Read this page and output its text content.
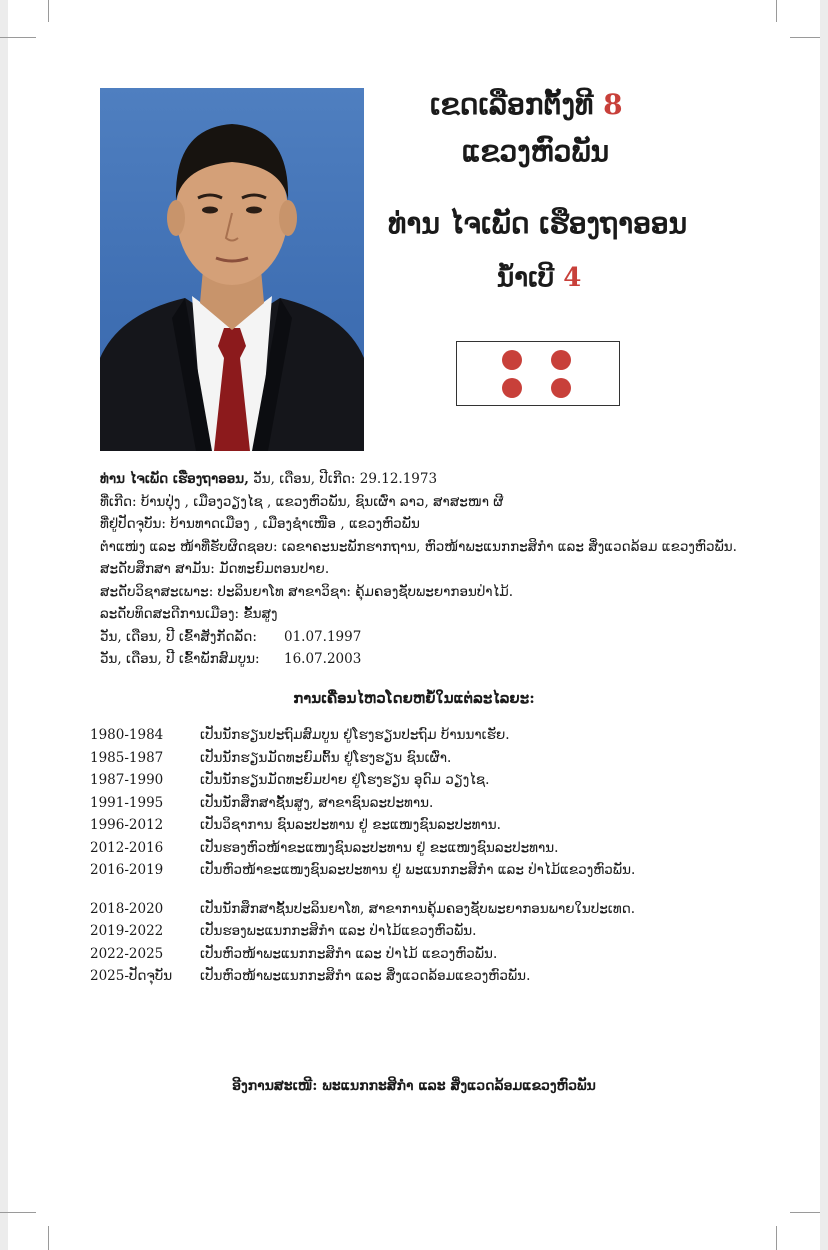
ເຂດເລືອກຕັ້ງທີ 8
ແຂວງຫົວພັນ
ທ່ານ ໄຈເພັດ ເຮືອງຖາອອນ
ນໍ້າເບີ 4
ທ່ານ ໄຈເພັດ ເຮືອງຖາອອນ, ວັນ, ເດືອນ, ປີເກີດ: 29.12.1973
ທີ່ເກີດ: ບ້ານປຸ່ງ , ເມືອງວຽງໄຊ , ແຂວງຫົວພັນ, ຊົນເຜົ່າ ລາວ, ສາສະໜາ ຜີ
ທີ່ຢູ່ປັດຈຸບັນ: ບ້ານທາດເມືອງ , ເມືອງຊຳເໜືອ , ແຂວງຫົວພັນ
ຕຳແໜ່ງ ແລະ ໜ້າທີ່ຮັບຜິດຊອບ: ເລຂາຄະນະພັກຮາກຖານ, ຫົວໜ້າພະແນກກະສິກຳ ແລະ ສິ່ງແວດລ້ອມ ແຂວງຫົວພັນ.
ສະດັບສຶກສາ ສາມັນ: ມັດທະຍົມຕອນປາຍ.
ສະດັບວິຊາສະເພາະ: ປະລິນຍາໂທ ສາຂາວິຊາ: ຄຸ້ມຄອງຊັບພະຍາກອນປ່າໄມ້.
ລະດັບທິດສະດີການເມືອງ: ຂັ້ນສູງ
ວັນ, ເດືອນ, ປີ ເຂົ້າສັງກັດລັດ: 01.07.1997
ວັນ, ເດືອນ, ປີ ເຂົ້າພັກສົມບູນ: 16.07.2003
ການເຄື່ອນໄຫວໂດຍຫຍໍ້ໃນແຕ່ລະໄລຍະ:
1980-1984	ເປັນນັກຮຽນປະຖົມສົມບູນ ຢູ່ໂຮງຮຽນປະຖົມ ບ້ານນາເຮັຍ.
1985-1987	ເປັນນັກຮຽນມັດທະຍົມຕົ້ນ ຢູ່ໂຮງຮຽນ ຊົນເຜົ່າ.
1987-1990	ເປັນນັກຮຽນມັດທະຍົມປາຍ ຢູ່ໂຮງຮຽນ ອຸດົມ ວຽງໄຊ.
1991-1995	ເປັນນັກສຶກສາຊັ້ນສູງ, ສາຂາຊົນລະປະທານ.
1996-2012	ເປັນວິຊາການ ຊົນລະປະທານ ຢູ່ ຂະແໜງຊົນລະປະທານ.
2012-2016	ເປັນຮອງຫົວໜ້າຂະແໜງຊົນລະປະທານ ຢູ່ ຂະແໜງຊົນລະປະທານ.
2016-2019	ເປັນຫົວໜ້າຂະແໜງຊົນລະປະທານ ຢູ່ ພະແນກກະສິກຳ ແລະ ປ່າໄມ້ແຂວງຫົວພັນ.
2018-2020	ເປັນນັກສຶກສາຊັ້ນປະລິນຍາໂທ, ສາຂາການຄຸ້ມຄອງຊັບພະຍາກອນພາຍໃນປະເທດ.
2019-2022	ເປັນຮອງພະແນກກະສິກຳ ແລະ ປ່າໄມ້ແຂວງຫົວພັນ.
2022-2025	ເປັນຫົວໜ້າພະແນກກະສິກຳ ແລະ ປ່າໄມ້ ແຂວງຫົວພັນ.
2025-ປັດຈຸບັນ ເປັນຫົວໜ້າພະແນກກະສິກຳ ແລະ ສິ່ງແວດລ້ອມແຂວງຫົວພັນ.
ອີງການສະເໜີ: ພະແນກກະສິກຳ ແລະ ສິ່ງແວດລ້ອມແຂວງຫົວພັນ
